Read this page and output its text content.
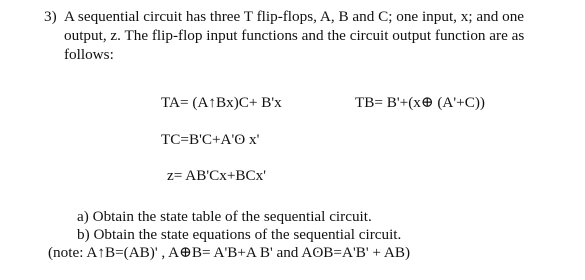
3) A sequential circuit has three T flip-flops, A, B and C; one input, x; and one
output, z. The flip-flop input functions and the circuit output function are as
follows:
TA= (A↑Bx)C+ B'x	TB= B'+(x⊕ (A'+C))
TC=B'C+A'ʘ x'
z= AB'Cx+BCx'
a) Obtain the state table of the sequential circuit.
b) Obtain the state equations of the sequential circuit.
(note: A↑B=(AB)' , A⊕B= A'B+A B' and AʘB=A'B' + AB)
